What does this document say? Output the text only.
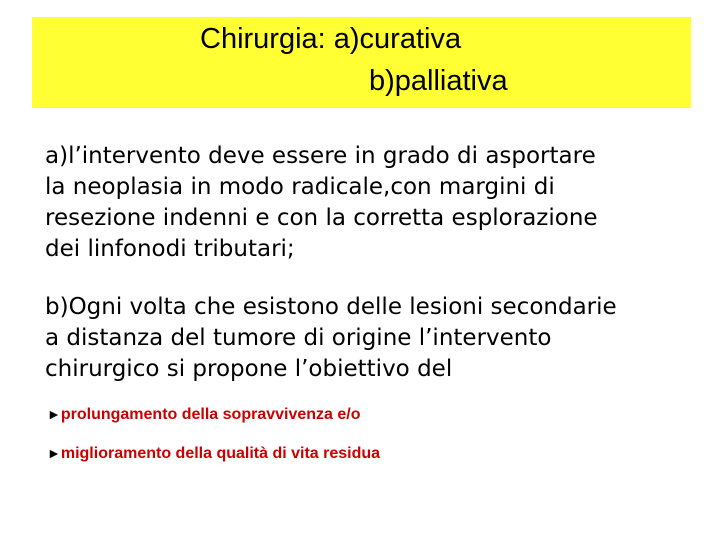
Chirurgia: a)curativa
b)palliativa
a)l’intervento deve essere in grado di asportare
la neoplasia in modo radicale,con margini di
resezione indenni e con la corretta esplorazione
dei linfonodi tributari;
b)Ogni volta che esistono delle lesioni secondarie
a distanza del tumore di origine l’intervento
chirurgico si propone l’obiettivo del
►prolungamento della sopravvivenza e/o
►miglioramento della qualità di vita residua
